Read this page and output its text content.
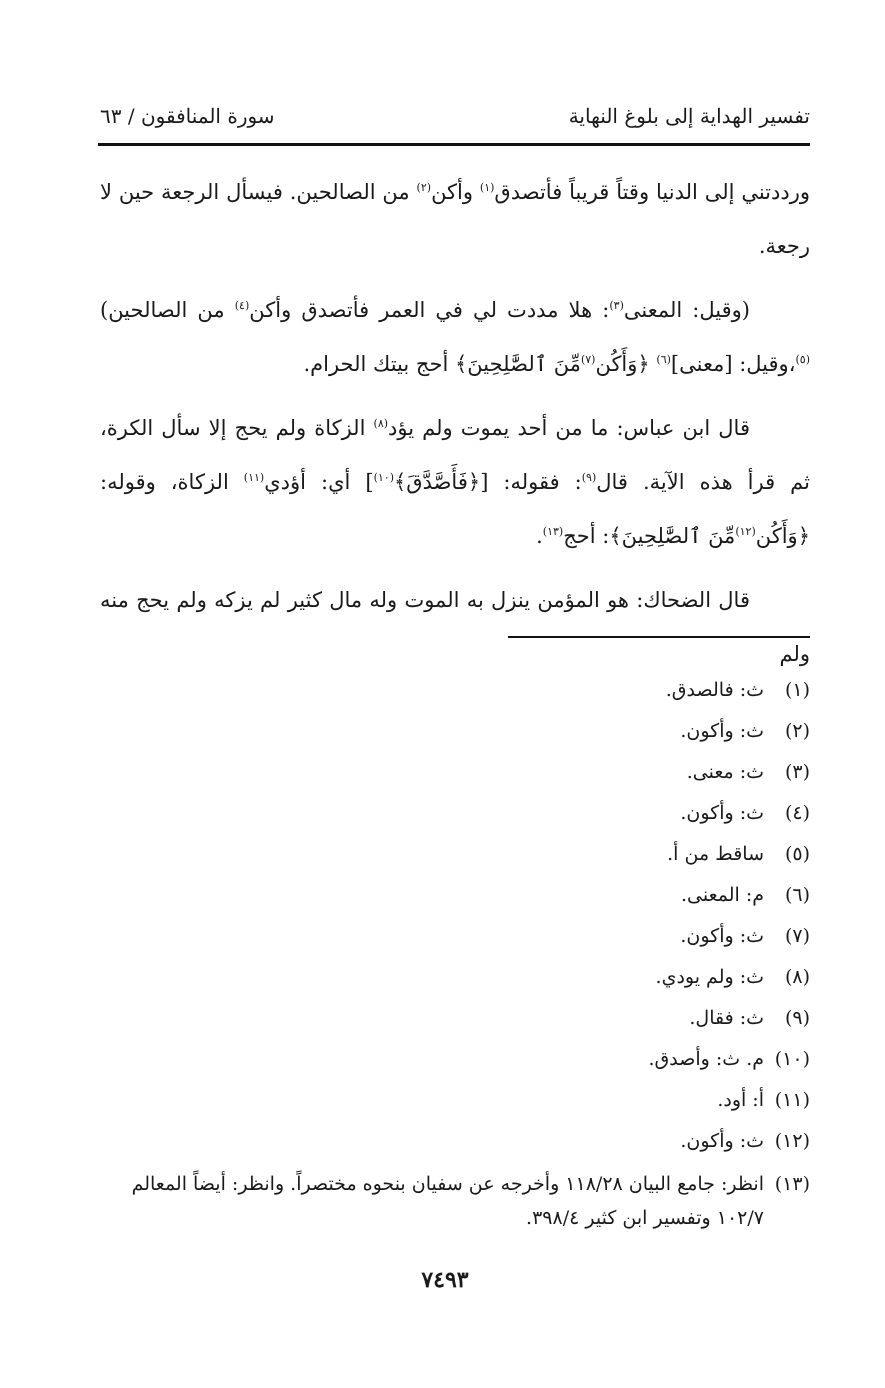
تفسير الهداية إلى بلوغ النهاية
سورة المنافقون / ٦٣

ورددتني إلى الدنيا وقتاً قريباً فأتصدق$^{(١)}$ وأكن$^{(٢)}$ من الصالحين. فيسأل الرجعة حين لا رجعة.

(وقيل: المعنى$^{(٣)}$: هلا مددت لي في العمر فأتصدق وأكن$^{(٤)}$ من الصالحين)$^{(٥)}$،وقيل: [معنى]$^{(٦)}$ ﴿وَأَكُن$^{(٧)}$مِّنَ ٱلصَّٰلِحِينَ﴾ أحج بيتك الحرام.

قال ابن عباس: ما من أحد يموت ولم يؤد$^{(٨)}$ الزكاة ولم يحج إلا سأل الكرة، ثم قرأ هذه الآية. قال$^{(٩)}$: فقوله: [﴿فَأَصَّدَّقَ﴾$^{(١٠)}$] أي: أؤدي$^{(١١)}$ الزكاة، وقوله:﴿وَأَكُن$^{(١٢)}$مِّنَ ٱلصَّٰلِحِينَ﴾: أحج$^{(١٣)}$.

قال الضحاك: هو المؤمن ينزل به الموت وله مال كثير لم يزكه ولم يحج منه ولم

(١)
ث: فالصدق.
(٢)
ث: وأكون.
(٣)
ث: معنى.
(٤)
ث: وأكون.
(٥)
ساقط من أ.
(٦)
م: المعنى.
(٧)
ث: وأكون.
(٨)
ث: ولم يودي.
(٩)
ث: فقال.
(١٠)
م. ث: وأصدق.
(١١)
أ: أود.
(١٢)
ث: وأكون.
(١٣)
انظر: جامع البيان ١١٨/٢٨ وأخرجه عن سفيان بنحوه مختصراً. وانظر: أيضاً المعالم ١٠٢/٧ وتفسير ابن كثير ٣٩٨/٤.
٧٤٩٣
